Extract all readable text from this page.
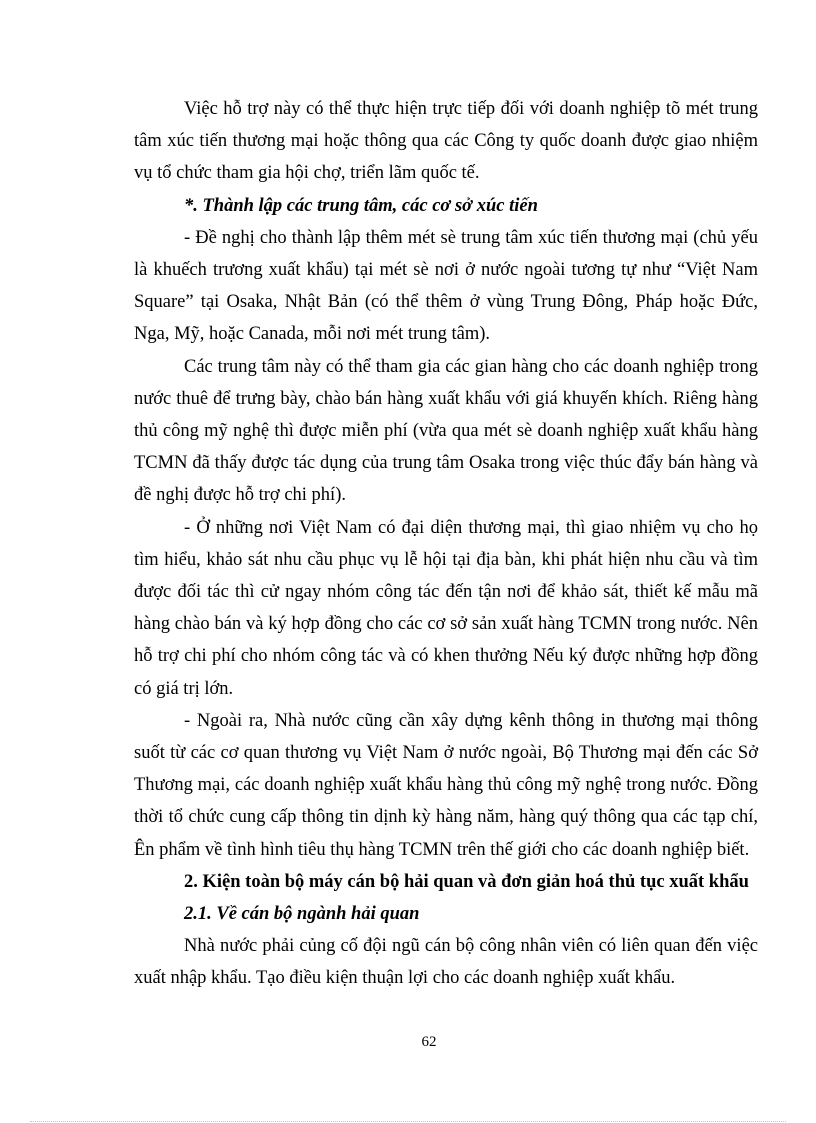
Việc hỗ trợ này có thể thực hiện trực tiếp đối với doanh nghiệp tõ mét trung tâm xúc tiến thương mại hoặc thông qua các Công ty quốc doanh được giao nhiệm vụ tổ chức tham gia hội chợ, triển lãm quốc tế.

*. Thành lập các trung tâm, các cơ sở xúc tiến

- Đề nghị cho thành lập thêm mét sè trung tâm xúc tiến thương mại (chủ yếu là khuếch trương xuất khẩu) tại mét sè nơi ở nước ngoài tương tự như “Việt Nam Square” tại Osaka, Nhật Bản (có thể thêm ở vùng Trung Đông, Pháp hoặc Đức, Nga, Mỹ, hoặc Canada, mỗi nơi mét trung tâm).

Các trung tâm này có thể tham gia các gian hàng cho các doanh nghiệp trong nước thuê để trưng bày, chào bán hàng xuất khẩu với giá khuyến khích. Riêng hàng thủ công mỹ nghệ thì được miễn phí (vừa qua mét sè doanh nghiệp xuất khẩu hàng TCMN đã thấy được tác dụng của trung tâm Osaka trong việc thúc đẩy bán hàng và đề nghị được hỗ trợ chi phí).

- Ở những nơi Việt Nam có đại diện thương mại, thì giao nhiệm vụ cho họ tìm hiểu, khảo sát nhu cầu phục vụ lễ hội tại địa bàn, khi phát hiện nhu cầu và tìm được đối tác thì cử ngay nhóm công tác đến tận nơi để khảo sát, thiết kế mẫu mã hàng chào bán và ký hợp đồng cho các cơ sở sản xuất hàng TCMN trong nước. Nên hỗ trợ chi phí cho nhóm công tác và có khen thưởng Nếu ký được những hợp đồng có giá trị lớn.

- Ngoài ra, Nhà nước cũng cần xây dựng kênh thông in thương mại thông suốt từ các cơ quan thương vụ Việt Nam ở nước ngoài, Bộ Thương mại đến các Sở Thương mại, các doanh nghiệp xuất khẩu hàng thủ công mỹ nghệ trong nước. Đồng thời tổ chức cung cấp thông tin dịnh kỳ hàng năm, hàng quý thông qua các tạp chí, Ên phẩm về tình hình tiêu thụ hàng TCMN trên thế giới cho các doanh nghiệp biết.

2. Kiện toàn bộ máy cán bộ hải quan và đơn giản hoá thủ tục xuất khẩu

2.1. Về cán bộ ngành hải quan

Nhà nước phải củng cố đội ngũ cán bộ công nhân viên có liên quan đến việc xuất nhập khẩu. Tạo điều kiện thuận lợi cho các doanh nghiệp xuất khẩu.

62
